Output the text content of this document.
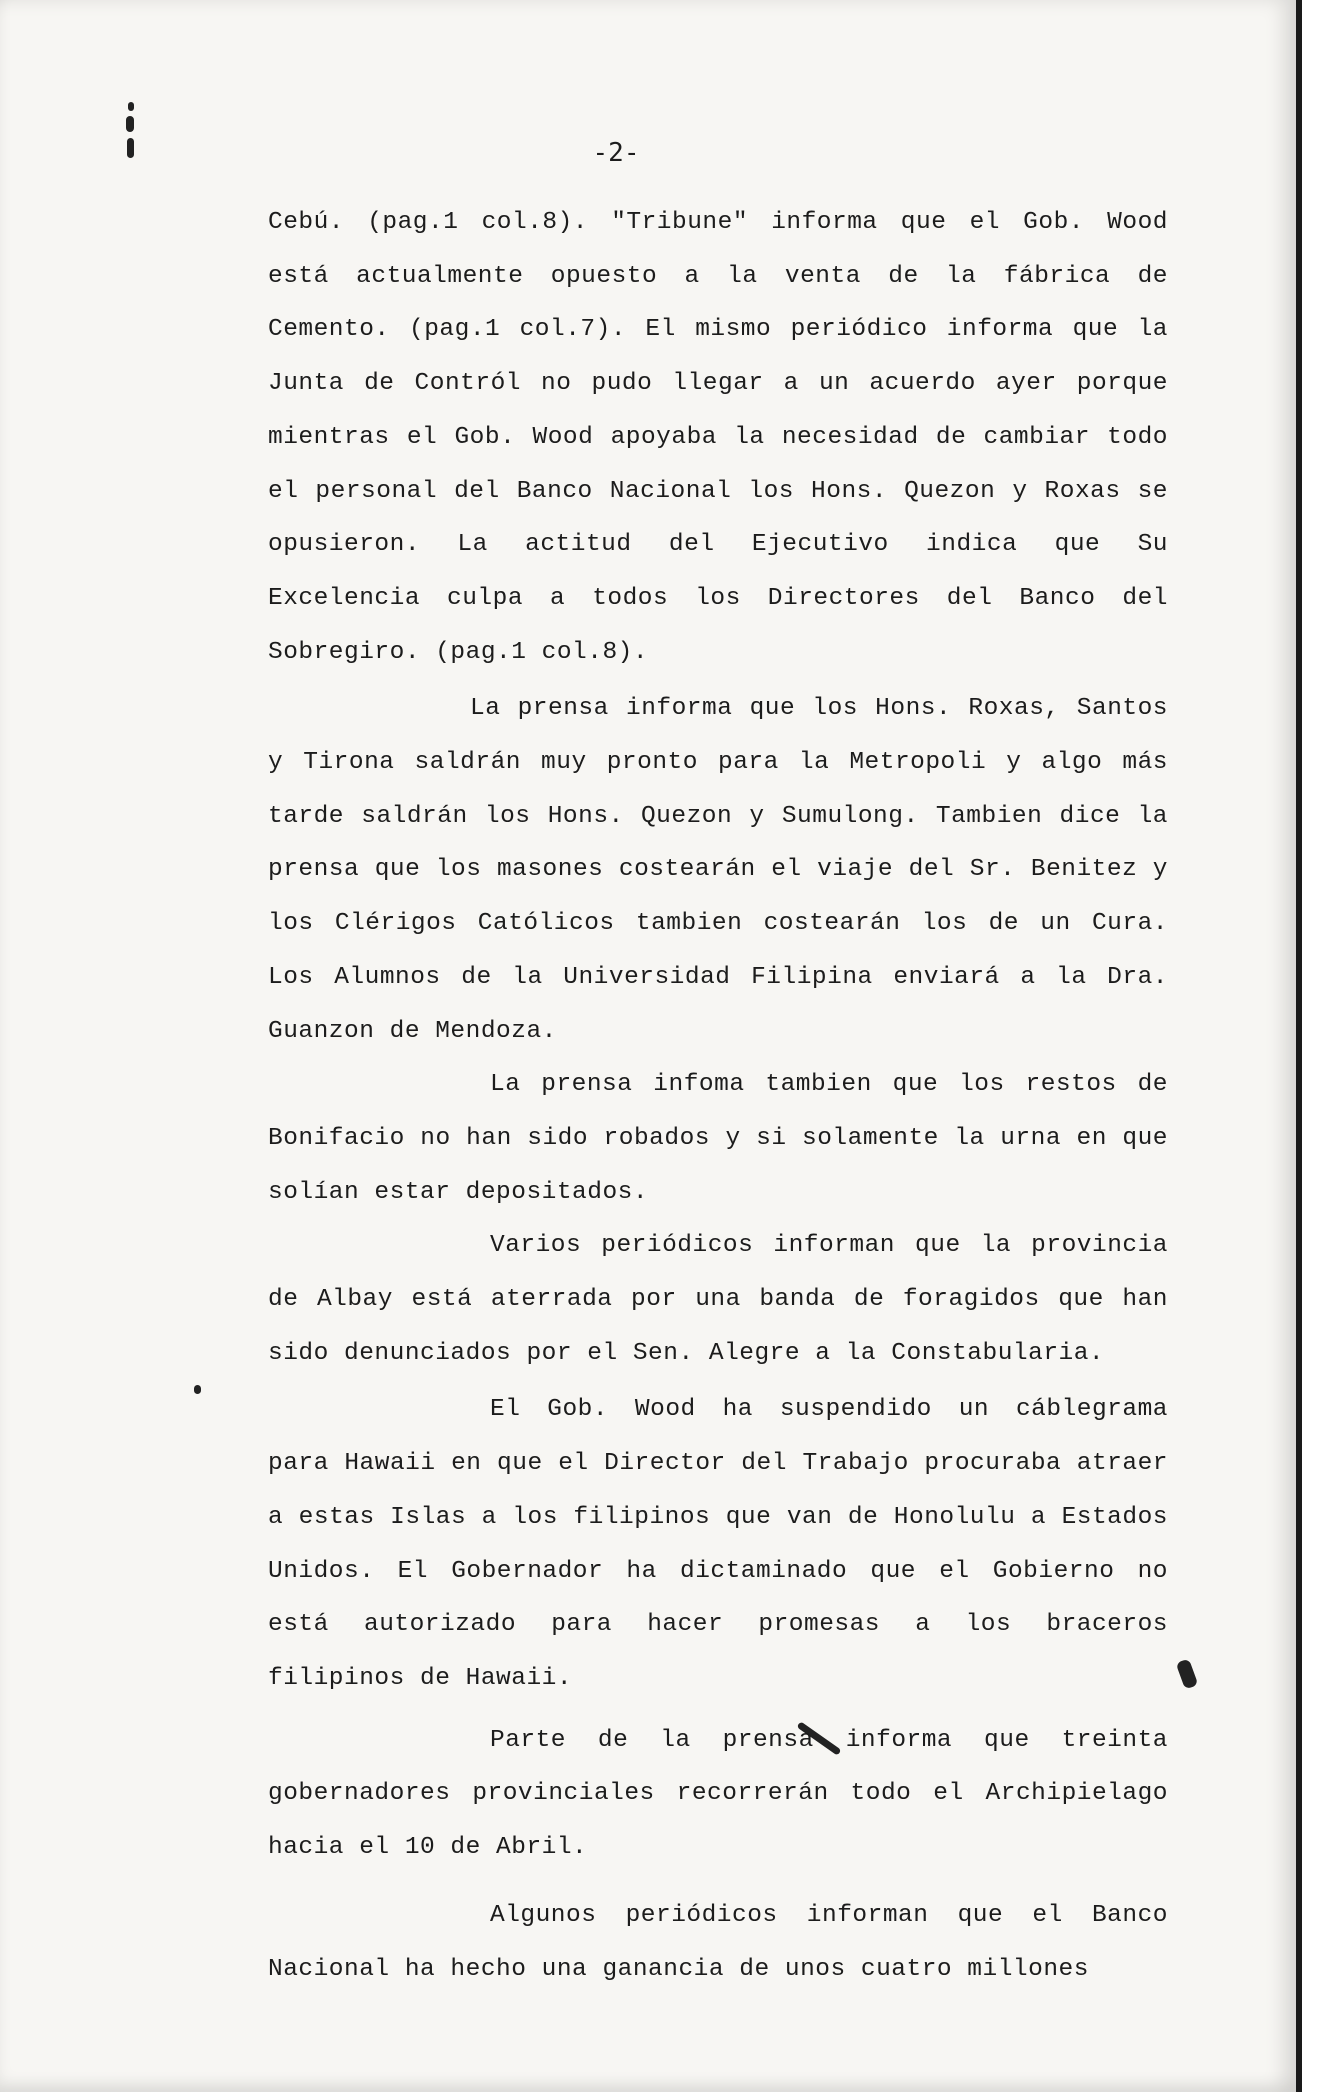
-2-

Cebú. (pag.1 col.8). "Tribune" informa que el Gob. Wood está actualmente opuesto a la venta de la fábrica de Cemento. (pag.1 col.7). El mismo periódico informa que la Junta de Contról no pudo llegar a un acuerdo ayer porque mientras el Gob. Wood apoyaba la necesidad de cambiar todo el personal del Banco Nacional los Hons. Quezon y Roxas se opusieron. La actitud del Ejecutivo indica que Su Excelencia culpa a todos los Directores del Banco del Sobregiro. (pag.1 col.8).

La prensa informa que los Hons. Roxas, Santos y Tirona saldrán muy pronto para la Metropoli y algo más tarde saldrán los Hons. Quezon y Sumulong. Tambien dice la prensa que los masones costearán el viaje del Sr. Benitez y los Clérigos Católicos tambien costearán los de un Cura. Los Alumnos de la Universidad Filipina enviará a la Dra. Guanzon de Mendoza.

La prensa infoma tambien que los restos de Bonifacio no han sido robados y si solamente la urna en que solían estar depositados.

Varios periódicos informan que la provincia de Albay está aterrada por una banda de foragidos que han sido denunciados por el Sen. Alegre a la Constabularia.

El Gob. Wood ha suspendido un cáblegrama para Hawaii en que el Director del Trabajo procuraba atraer a estas Islas a los filipinos que van de Honolulu a Estados Unidos. El Gobernador ha dictaminado que el Gobierno no está autorizado para hacer promesas a los braceros filipinos de Hawaii.

Parte de la prensa informa que treinta gobernadores provinciales recorrerán todo el Archipielago hacia el 10 de Abril.

Algunos periódicos informan que el Banco Nacional ha hecho una ganancia de unos cuatro millones
